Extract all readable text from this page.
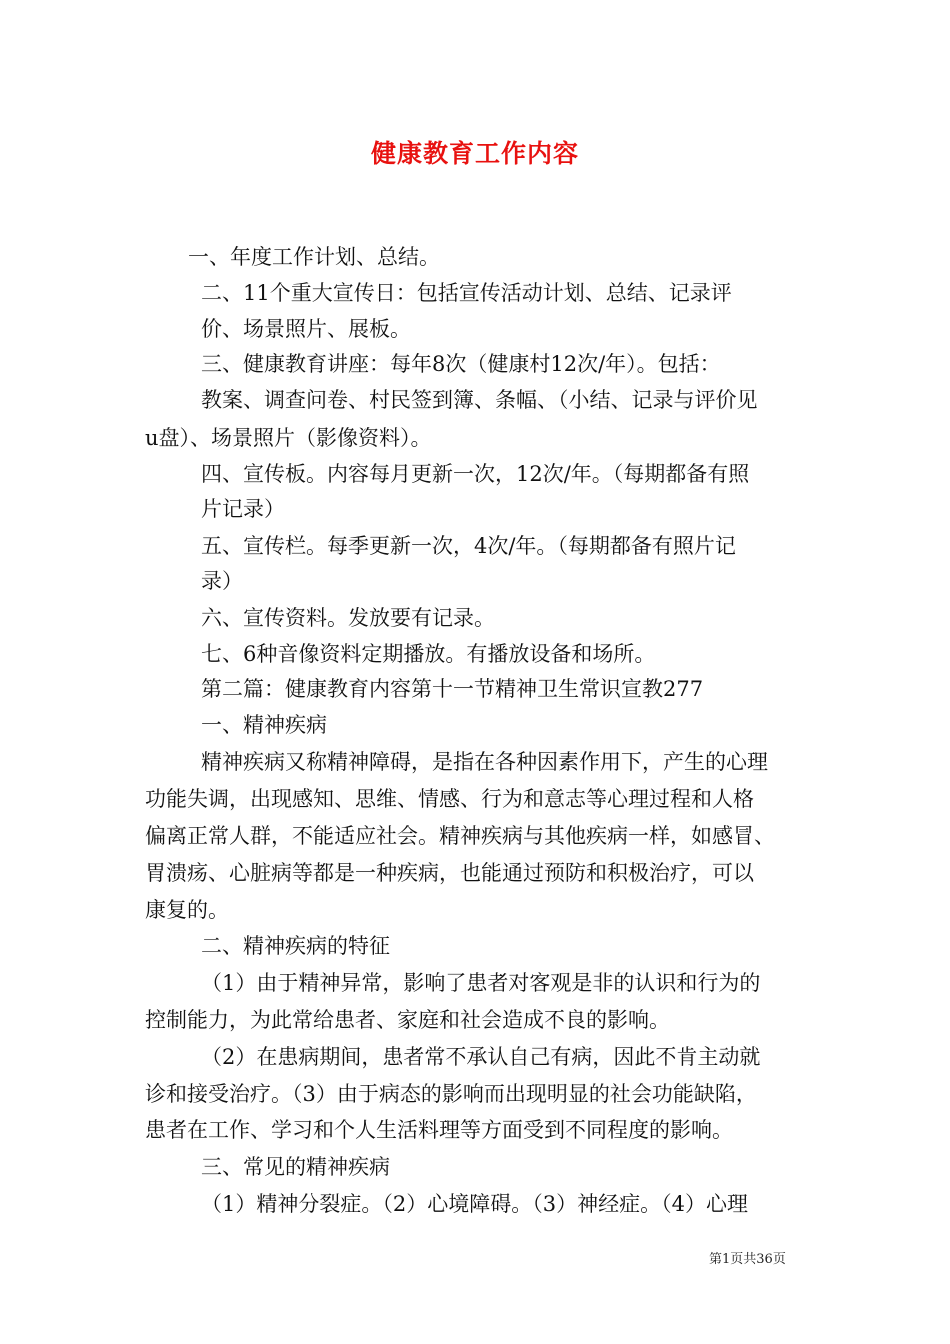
健康教育工作内容
一、年度工作计划、总结。
二、11个重大宣传日：包括宣传活动计划、总结、记录评
价、场景照片、展板。
三、健康教育讲座：每年8次（健康村12次/年）。包括：
教案、调查问卷、村民签到簿、条幅、（小结、记录与评价见
u盘）、场景照片（影像资料）。
四、宣传板。内容每月更新一次，12次/年。（每期都备有照
片记录）
五、宣传栏。每季更新一次，4次/年。（每期都备有照片记
录）
六、宣传资料。发放要有记录。
七、6种音像资料定期播放。有播放设备和场所。
第二篇：健康教育内容第十一节精神卫生常识宣教277
一、精神疾病
精神疾病又称精神障碍，是指在各种因素作用下，产生的心理
功能失调，出现感知、思维、情感、行为和意志等心理过程和人格
偏离正常人群，不能适应社会。精神疾病与其他疾病一样，如感冒、
胃溃疡、心脏病等都是一种疾病，也能通过预防和积极治疗，可以
康复的。
二、精神疾病的特征
（1）由于精神异常，影响了患者对客观是非的认识和行为的
控制能力，为此常给患者、家庭和社会造成不良的影响。
（2）在患病期间，患者常不承认自己有病，因此不肯主动就
诊和接受治疗。（3）由于病态的影响而出现明显的社会功能缺陷，
患者在工作、学习和个人生活料理等方面受到不同程度的影响。
三、常见的精神疾病
（1）精神分裂症。（2）心境障碍。（3）神经症。（4）心理
第1页共36页
